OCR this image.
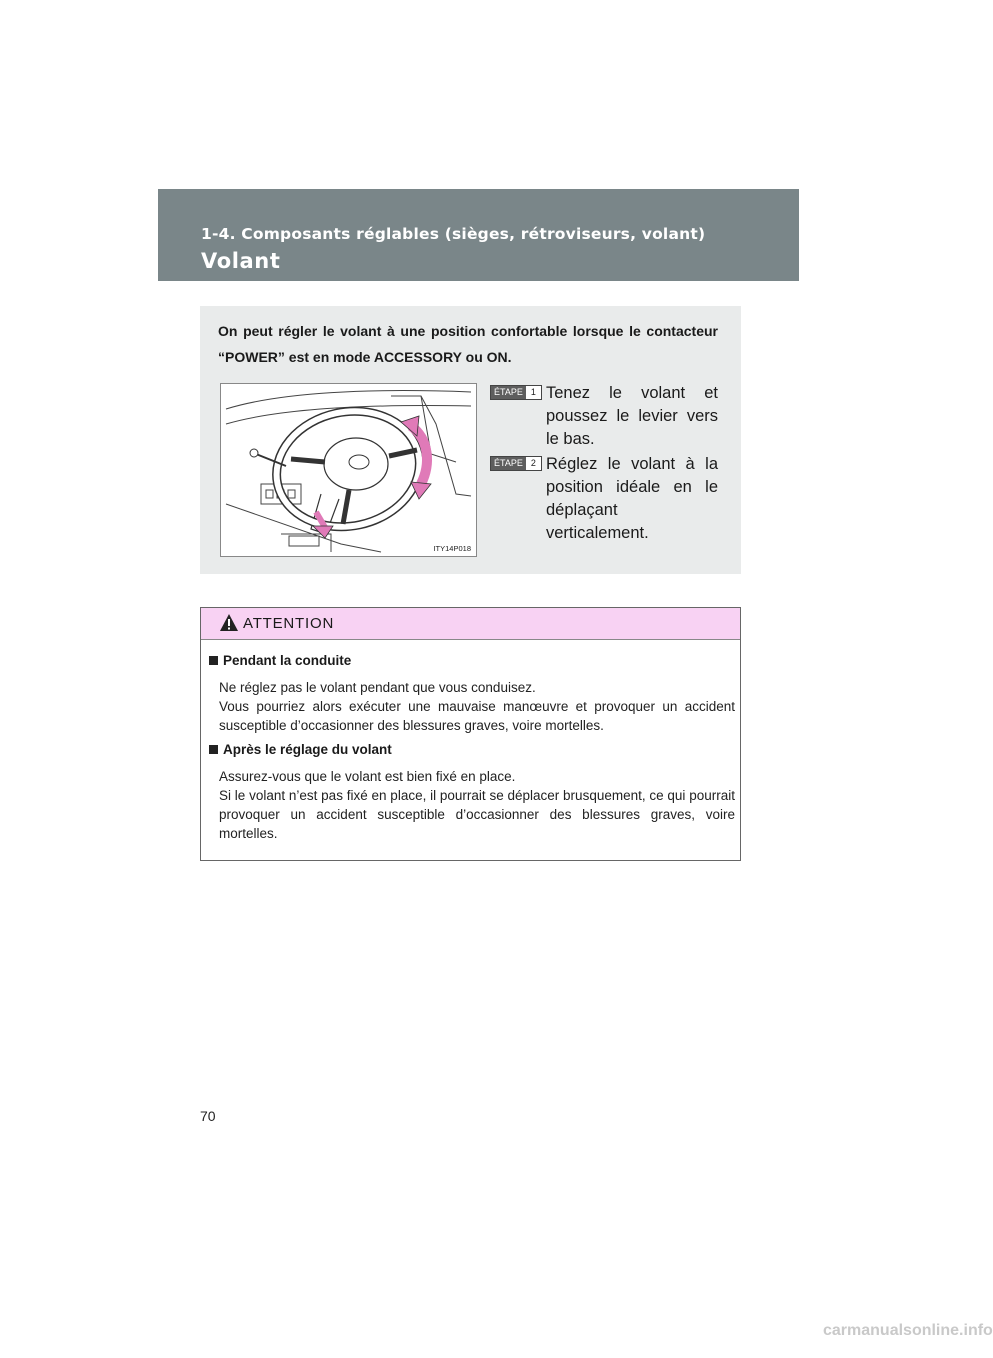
1-4. Composants réglables (sièges, rétroviseurs, volant)
Volant
On peut régler le volant à une position confortable lorsque le contacteur “POWER” est en mode ACCESSORY ou ON.
ITY14P018
ÉTAPE 1 Tenez le volant et poussez le levier vers le bas.
ÉTAPE 2 Réglez le volant à la position idéale en le déplaçant verticalement.
ATTENTION
Pendant la conduite

Ne réglez pas le volant pendant que vous conduisez.

Vous pourriez alors exécuter une mauvaise manœuvre et provoquer un accident susceptible d’occasionner des blessures graves, voire mortelles.

Après le réglage du volant

Assurez-vous que le volant est bien fixé en place.

Si le volant n’est pas fixé en place, il pourrait se déplacer brusquement, ce qui pourrait provoquer un accident susceptible d’occasionner des blessures graves, voire mortelles.

70
carmanualsonline.info
